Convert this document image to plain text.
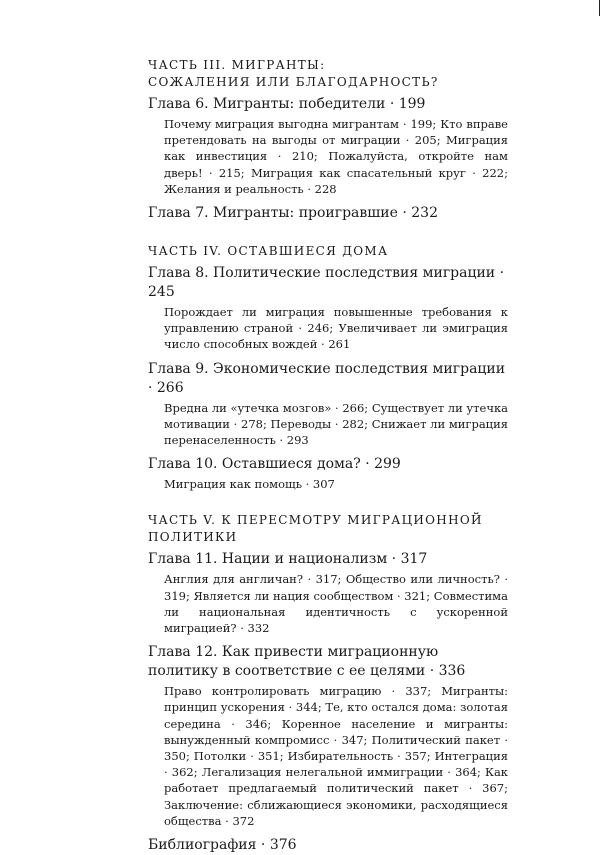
ЧАСТЬ III. МИГРАНТЫ:

СОЖАЛЕНИЯ ИЛИ БЛАГОДАРНОСТЬ?

Глава 6. Мигранты: победители · 199

Почему миграция выгодна мигрантам · 199; Кто вправе претендовать на выгоды от миграции · 205; Миграция как инвестиция · 210; Пожалуйста, откройте нам дверь! · 215; Миграция как спасательный круг · 222; Желания и реальность · 228

Глава 7. Мигранты: проигравшие · 232

ЧАСТЬ IV. ОСТАВШИЕСЯ ДОМА

Глава 8. Политические последствия миграции · 245

Порождает ли миграция повышенные требования к управлению страной · 246; Увеличивает ли эмиграция число способных вождей · 261

Глава 9. Экономические последствия миграции · 266

Вредна ли «утечка мозгов» · 266; Существует ли утечка мотивации · 278; Переводы · 282; Снижает ли миграция перенаселенность · 293

Глава 10. Оставшиеся дома? · 299

Миграция как помощь · 307

ЧАСТЬ V. К ПЕРЕСМОТРУ МИГРАЦИОННОЙ

ПОЛИТИКИ

Глава 11. Нации и национализм · 317

Англия для англичан? · 317; Общество или личность? · 319; Является ли нация сообществом · 321; Совместима ли национальная идентичность с ускоренной миграцией? · 332

Глава 12. Как привести миграционную политику в соответствие с ее целями · 336

Право контролировать миграцию · 337; Мигранты: принцип ускорения · 344; Те, кто остался дома: золотая середина · 346; Коренное население и мигранты: вынужденный компромисс · 347; Политический пакет · 350; Потолки · 351; Избирательность · 357; Интеграция · 362; Легализация нелегальной иммиграции · 364; Как работает предлагаемый политический пакет · 367; Заключение: сближающиеся экономики, расходящиеся общества · 372

Библиография · 376
